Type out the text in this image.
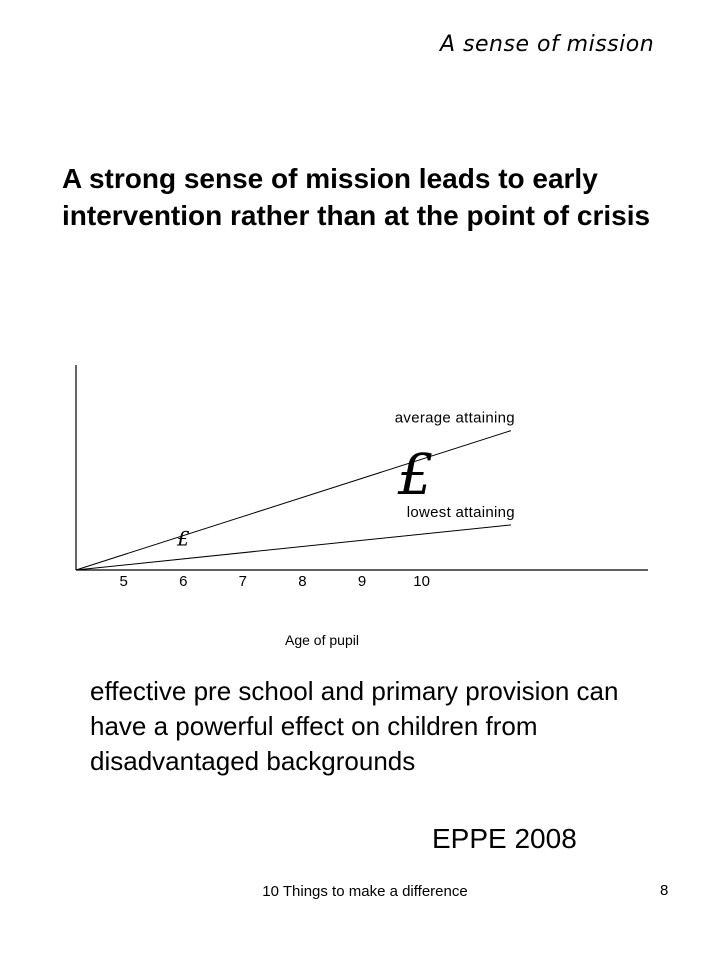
A sense of mission
A strong sense of mission leads to early intervention rather than at the point of crisis
average attaining
lowest attaining
5	6	7	8	9	10
£
£
Age of pupil
effective pre school and primary provision can have a powerful effect on children from disadvantaged backgrounds
EPPE 2008
10 Things to make a difference	8
